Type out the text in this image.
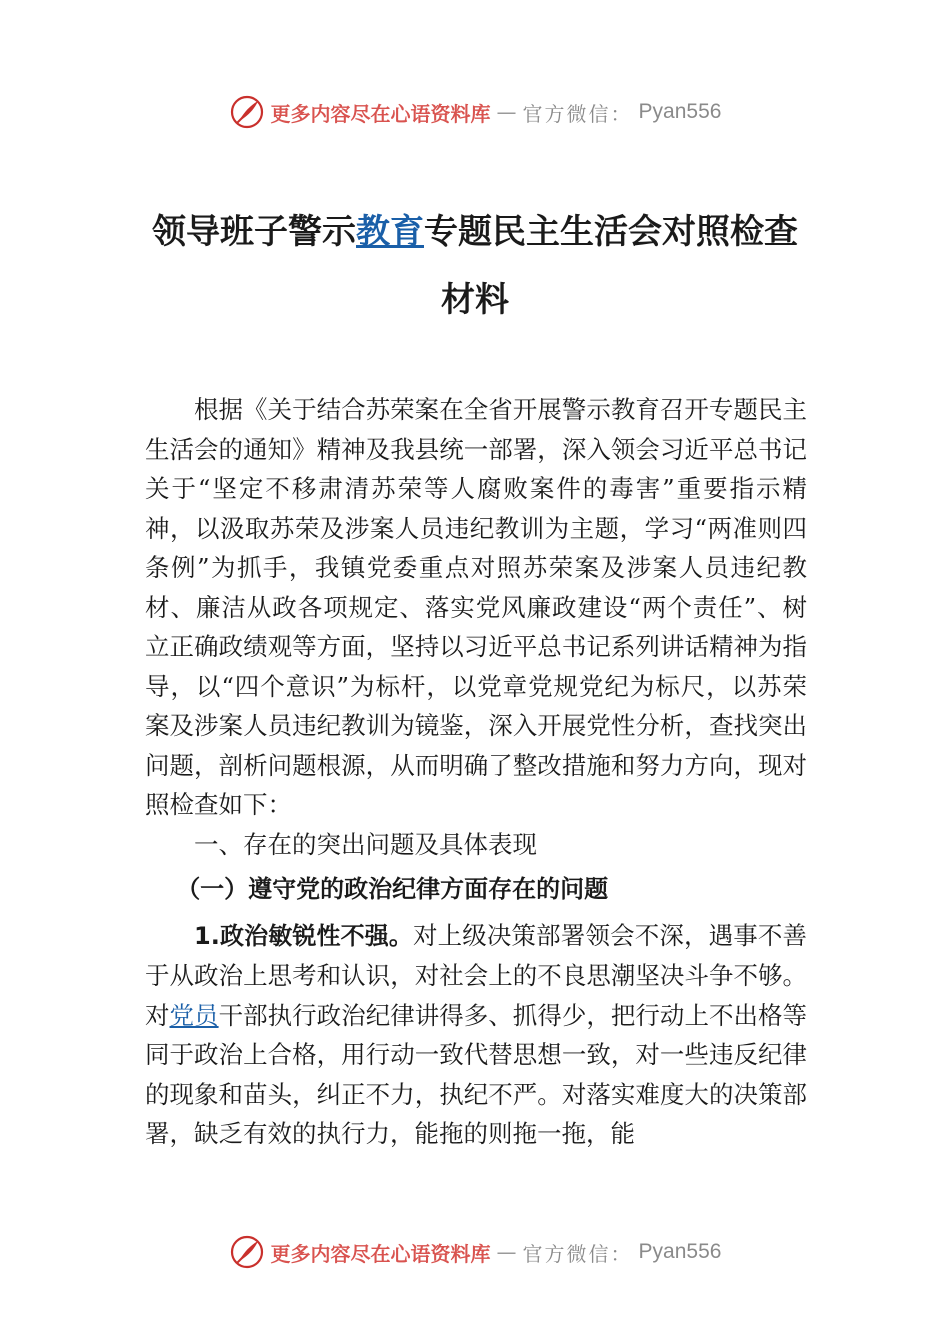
更多内容尽在心语资料库 — 官方微信： Pyan556
领导班子警示教育专题民主生活会对照检查材料

根据《关于结合苏荣案在全省开展警示教育召开专题民主生活会的通知》精神及我县统一部署，深入领会习近平总书记关于“坚定不移肃清苏荣等人腐败案件的毒害”重要指示精神，以汲取苏荣及涉案人员违纪教训为主题，学习“两准则四条例”为抓手，我镇党委重点对照苏荣案及涉案人员违纪教材、廉洁从政各项规定、落实党风廉政建设“两个责任”、树立正确政绩观等方面，坚持以习近平总书记系列讲话精神为指导，以“四个意识”为标杆，以党章党规党纪为标尺，以苏荣案及涉案人员违纪教训为镜鉴，深入开展党性分析，查找突出问题，剖析问题根源，从而明确了整改措施和努力方向，现对照检查如下：

一、存在的突出问题及具体表现

（一）遵守党的政治纪律方面存在的问题

1.政治敏锐性不强。对上级决策部署领会不深，遇事不善于从政治上思考和认识，对社会上的不良思潮坚决斗争不够。对党员干部执行政治纪律讲得多、抓得少，把行动上不出格等同于政治上合格，用行动一致代替思想一致，对一些违反纪律的现象和苗头，纠正不力，执纪不严。对落实难度大的决策部署，缺乏有效的执行力，能拖的则拖一拖，能

更多内容尽在心语资料库 — 官方微信： Pyan556
